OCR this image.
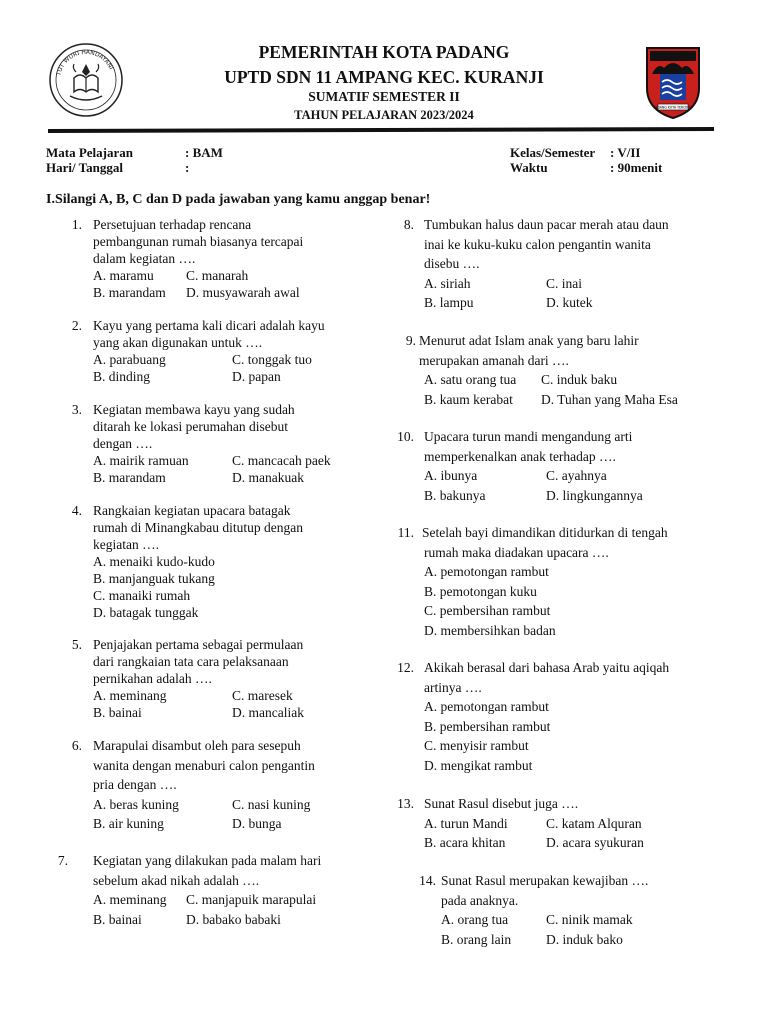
TUT WURI HANDAYANI
PEMERINTAH KOTA PADANG
UPTD SDN 11 AMPANG KEC. KURANJI
SUMATIF SEMESTER II
TAHUN PELAJARAN 2023/2024
PADANG KOTA TERCINTA
Mata Pelajaran	: BAM
Hari/ Tanggal	:
Kelas/Semester : V/II
Waktu	: 90menit
I.Silangi A, B, C dan D pada jawaban yang kamu anggap benar!
1. Persetujuan terhadap rencana
pembangunan rumah biasanya tercapai
dalam kegiatan ….
A. maramu	C. manarah
B. marandam	D. musyawarah awal
2. Kayu yang pertama kali dicari adalah kayu
yang akan digunakan untuk ….
A. parabuang	C. tonggak tuo
B. dinding	D. papan
3. Kegiatan membawa kayu yang sudah
ditarah ke lokasi perumahan disebut
dengan ….
A. mairik ramuan	C. mancacah paek
B. marandam	D. manakuak
4. Rangkaian kegiatan upacara batagak
rumah di Minangkabau ditutup dengan
kegiatan ….
A. menaiki kudo-kudo
B. manjanguak tukang
C. manaiki rumah
D. batagak tunggak
5. Penjajakan pertama sebagai permulaan
dari rangkaian tata cara pelaksanaan
pernikahan adalah ….
A. meminang	C. maresek
B. bainai	D. mancaliak
6. Marapulai disambut oleh para sesepuh
wanita dengan menaburi calon pengantin
pria dengan ….
A. beras kuning	C. nasi kuning
B. air kuning	D. bunga
7. Kegiatan yang dilakukan pada malam hari
sebelum akad nikah adalah ….
A. meminang	C. manjapuik marapulai
B. bainai	D. babako babaki
8. Tumbukan halus daun pacar merah atau daun
inai ke kuku-kuku calon pengantin wanita
disebu ….
A. siriah	C. inai
B. lampu	D. kutek
9. Menurut adat Islam anak yang baru lahir
merupakan amanah dari ….
A. satu orang tua	C. induk baku
B. kaum kerabat	D. Tuhan yang Maha Esa
10. Upacara turun mandi mengandung arti
memperkenalkan anak terhadap ….
A. ibunya	C. ayahnya
B. bakunya	D. lingkungannya
11. Setelah bayi dimandikan ditidurkan di tengah
rumah maka diadakan upacara ….
A. pemotongan rambut
B. pemotongan kuku
C. pembersihan rambut
D. membersihkan badan
12. Akikah berasal dari bahasa Arab yaitu aqiqah
artinya ….
A. pemotongan rambut
B. pembersihan rambut
C. menyisir rambut
D. mengikat rambut
13. Sunat Rasul disebut juga ….
A. turun Mandi	C. katam Alquran
B. acara khitan	D. acara syukuran
14. Sunat Rasul merupakan kewajiban ….
pada anaknya.
A. orang tua	C. ninik mamak
B. orang lain	D. induk bako
